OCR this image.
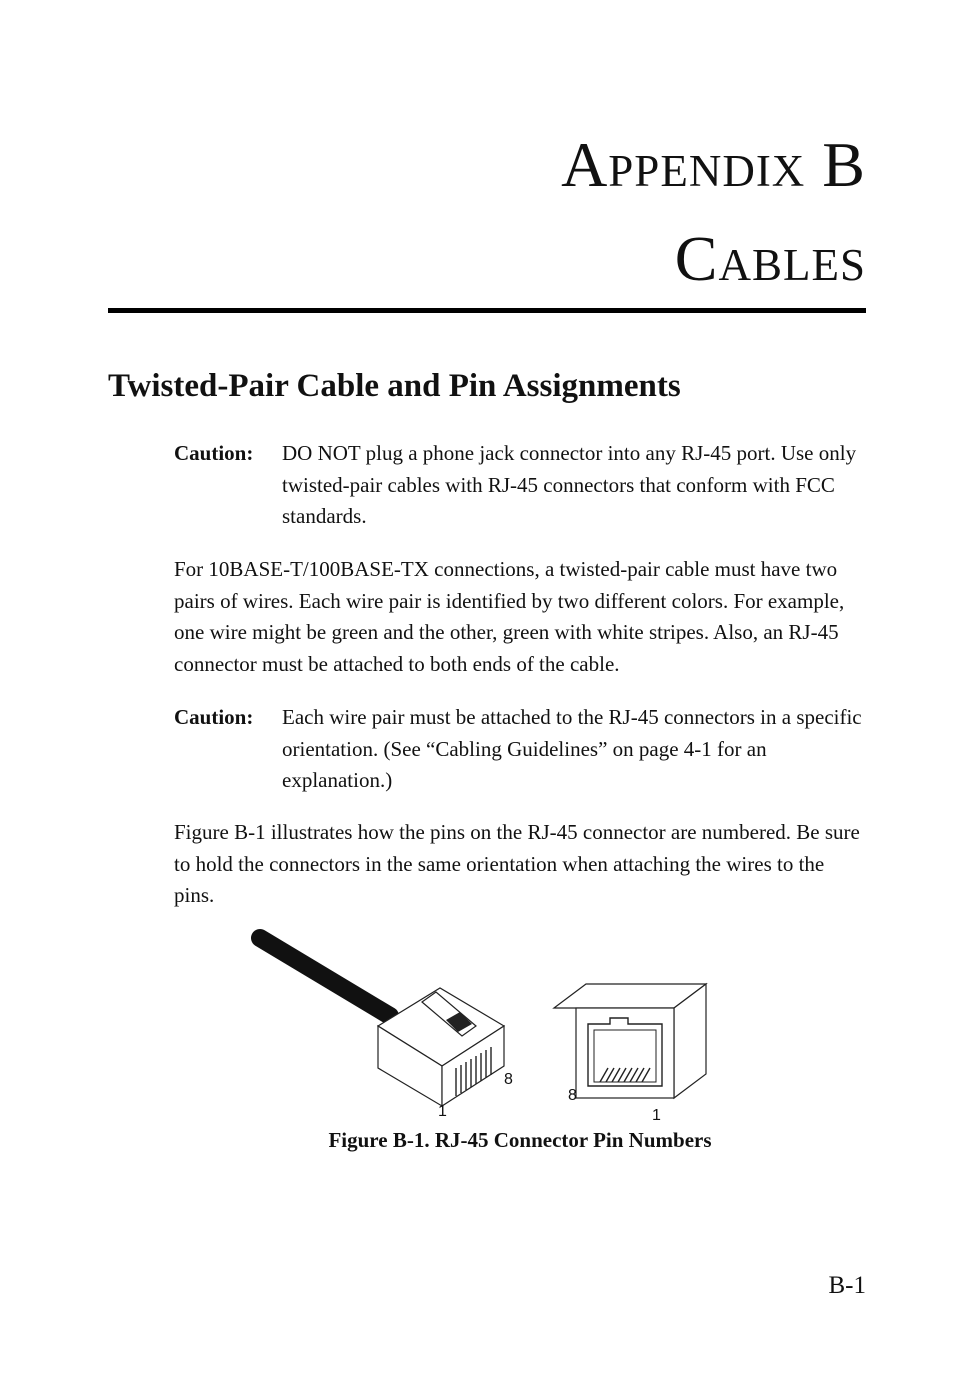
Appendix B
Cables
Twisted-Pair Cable and Pin Assignments
Caution: DO NOT plug a phone jack connector into any RJ-45 port. Use only twisted-pair cables with RJ-45 connectors that conform with FCC standards.

For 10BASE-T/100BASE-TX connections, a twisted-pair cable must have two pairs of wires. Each wire pair is identified by two different colors. For example, one wire might be green and the other, green with white stripes. Also, an RJ-45 connector must be attached to both ends of the cable.

Caution: Each wire pair must be attached to the RJ-45 connectors in a specific orientation. (See “Cabling Guidelines” on page 4-1 for an explanation.)

Figure B-1 illustrates how the pins on the RJ-45 connector are numbered. Be sure to hold the connectors in the same orientation when attaching the wires to the pins.

1
8
8
1
Figure B-1. RJ-45 Connector Pin Numbers
B-1
